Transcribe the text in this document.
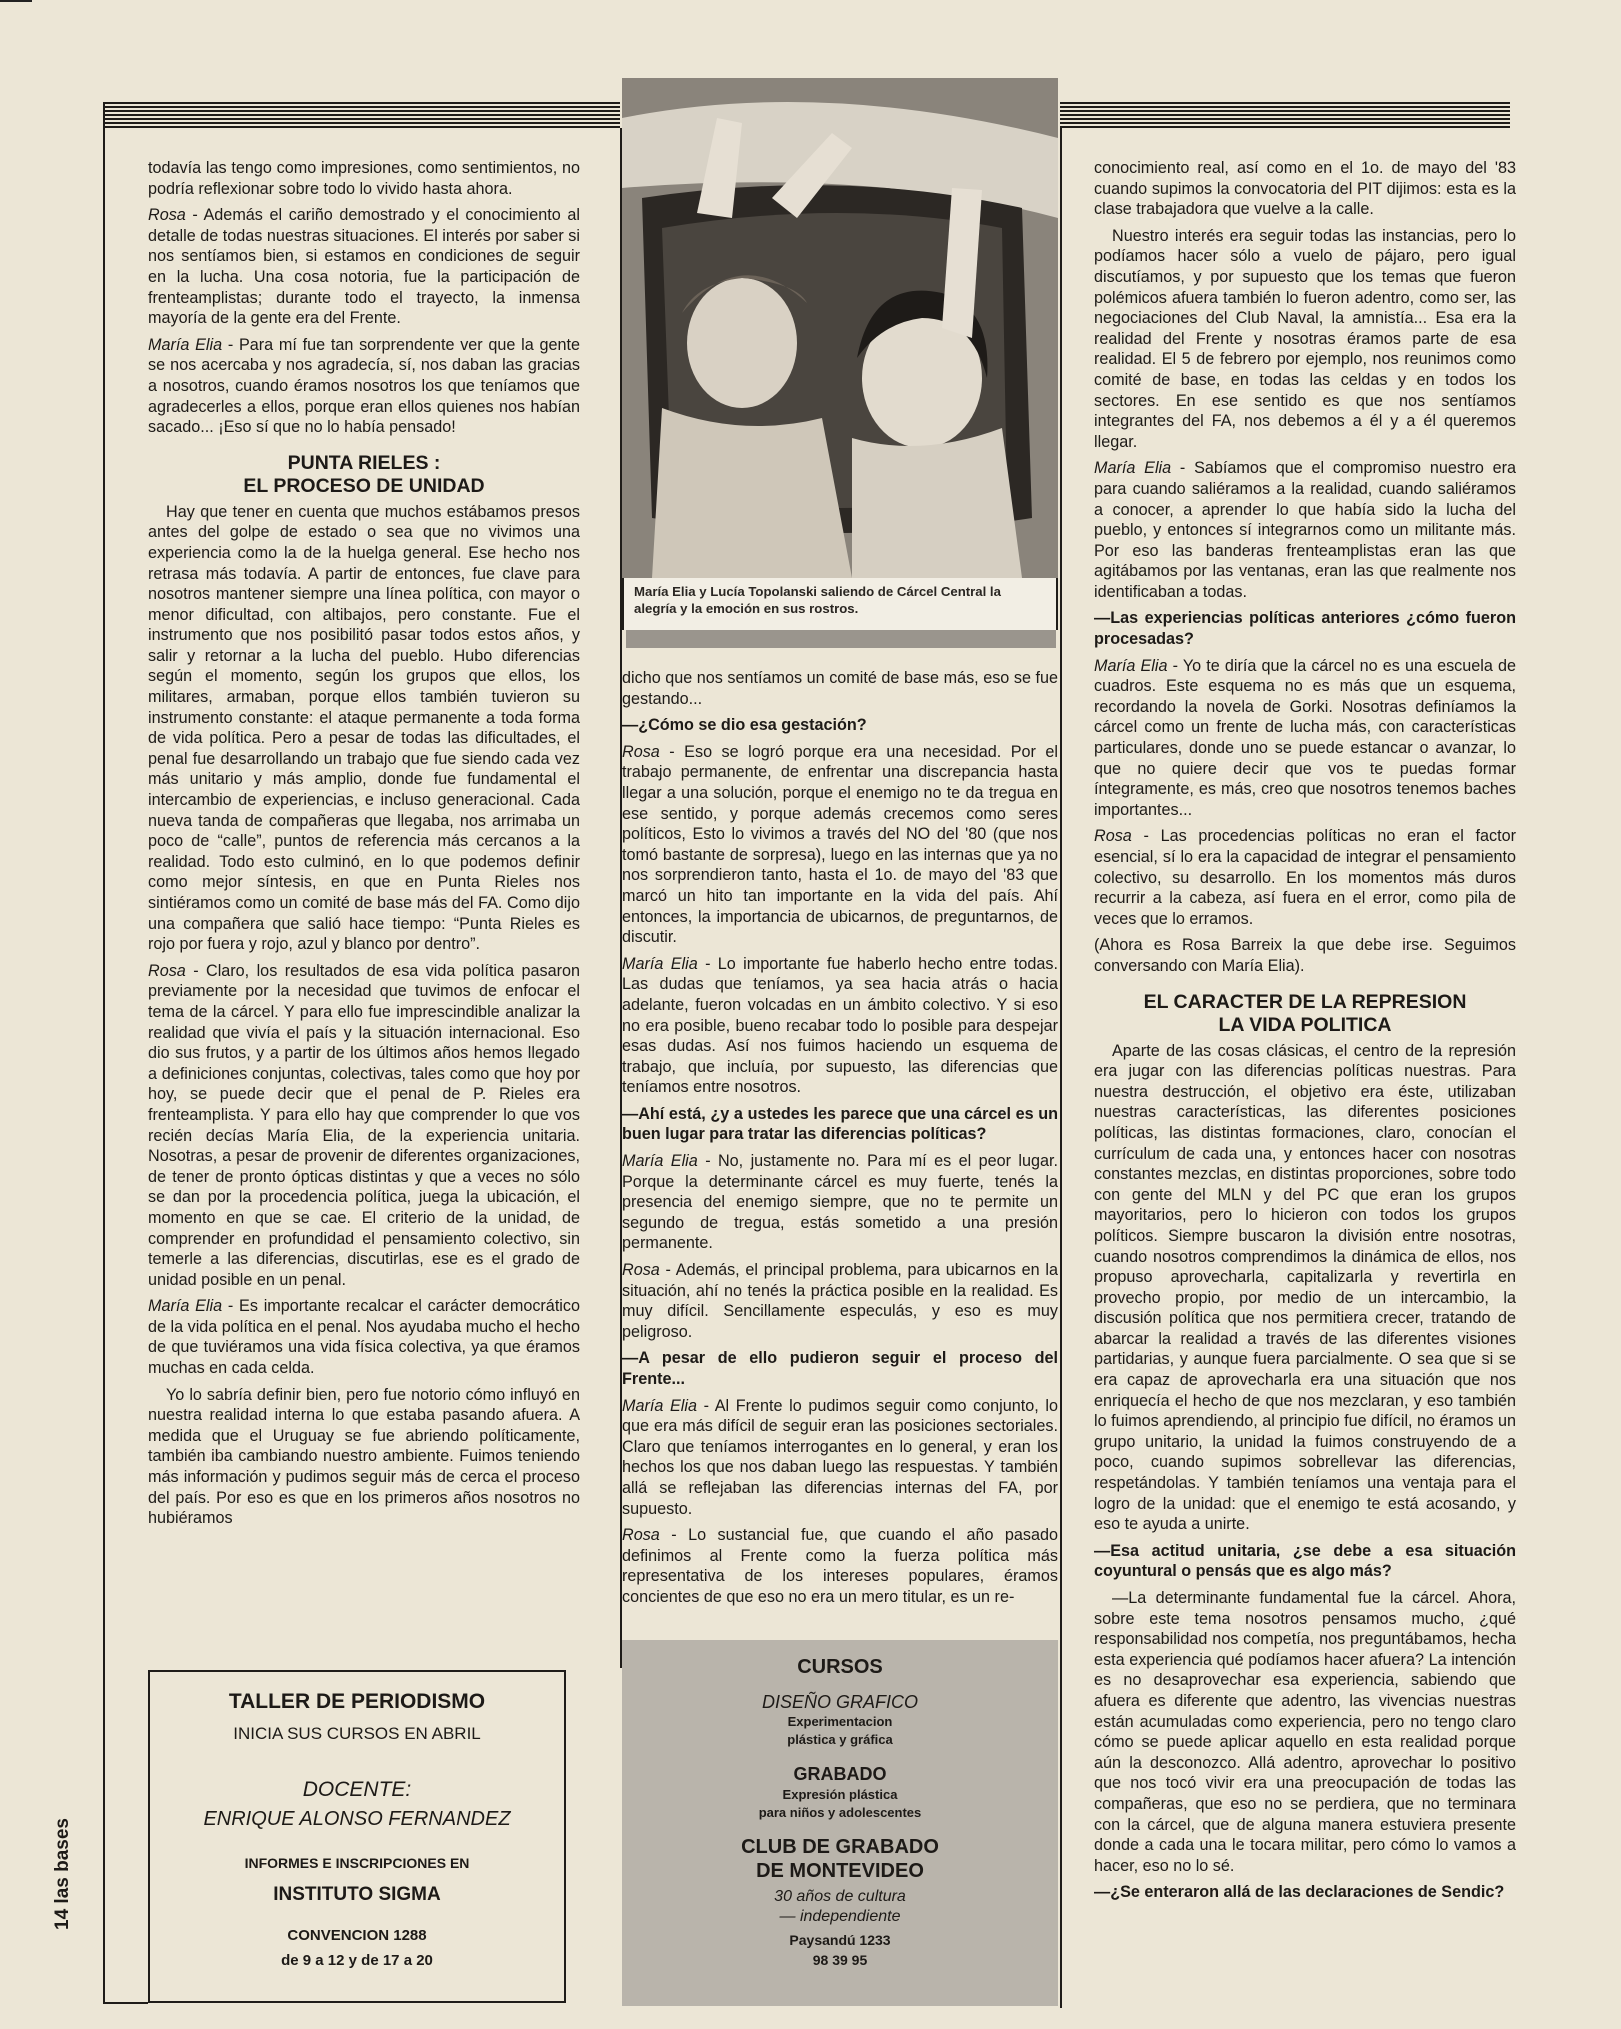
todavía las tengo como impresiones, como sentimientos, no podría reflexionar sobre todo lo vivido hasta ahora.

Rosa - Además el cariño demostrado y el conocimiento al detalle de todas nuestras situaciones. El interés por saber si nos sentíamos bien, si estamos en condiciones de seguir en la lucha. Una cosa notoria, fue la participación de frenteamplistas; durante todo el trayecto, la inmensa mayoría de la gente era del Frente.

María Elia - Para mí fue tan sorprendente ver que la gente se nos acercaba y nos agradecía, sí, nos daban las gracias a nosotros, cuando éramos nosotros los que teníamos que agradecerles a ellos, porque eran ellos quienes nos habían sacado... ¡Eso sí que no lo había pensado!

PUNTA RIELES :
EL PROCESO DE UNIDAD

Hay que tener en cuenta que muchos estábamos presos antes del golpe de estado o sea que no vivimos una experiencia como la de la huelga general. Ese hecho nos retrasa más todavía. A partir de entonces, fue clave para nosotros mantener siempre una línea política, con mayor o menor dificultad, con altibajos, pero constante. Fue el instrumento que nos posibilitó pasar todos estos años, y salir y retornar a la lucha del pueblo. Hubo diferencias según el momento, según los grupos que ellos, los militares, armaban, porque ellos también tuvieron su instrumento constante: el ataque permanente a toda forma de vida política. Pero a pesar de todas las dificultades, el penal fue desarrollando un trabajo que fue siendo cada vez más unitario y más amplio, donde fue fundamental el intercambio de experiencias, e incluso generacional. Cada nueva tanda de compañeras que llegaba, nos arrimaba un poco de “calle”, puntos de referencia más cercanos a la realidad. Todo esto culminó, en lo que podemos definir como mejor síntesis, en que en Punta Rieles nos sintiéramos como un comité de base más del FA. Como dijo una compañera que salió hace tiempo: “Punta Rieles es rojo por fuera y rojo, azul y blanco por dentro”.

Rosa - Claro, los resultados de esa vida política pasaron previamente por la necesidad que tuvimos de enfocar el tema de la cárcel. Y para ello fue imprescindible analizar la realidad que vivía el país y la situación internacional. Eso dio sus frutos, y a partir de los últimos años hemos llegado a definiciones conjuntas, colectivas, tales como que hoy por hoy, se puede decir que el penal de P. Rieles era frenteamplista. Y para ello hay que comprender lo que vos recién decías María Elia, de la experiencia unitaria. Nosotras, a pesar de provenir de diferentes organizaciones, de tener de pronto ópticas distintas y que a veces no sólo se dan por la procedencia política, juega la ubicación, el momento en que se cae. El criterio de la unidad, de comprender en profundidad el pensamiento colectivo, sin temerle a las diferencias, discutirlas, ese es el grado de unidad posible en un penal.

María Elia - Es importante recalcar el carácter democrático de la vida política en el penal. Nos ayudaba mucho el hecho de que tuviéramos una vida física colectiva, ya que éramos muchas en cada celda.

Yo lo sabría definir bien, pero fue notorio cómo influyó en nuestra realidad interna lo que estaba pasando afuera. A medida que el Uruguay se fue abriendo políticamente, también iba cambiando nuestro ambiente. Fuimos teniendo más información y pudimos seguir más de cerca el proceso del país. Por eso es que en los primeros años nosotros no hubiéramos

María Elia y Lucía Topolanski saliendo de Cárcel Central la alegría y la emoción en sus rostros.

dicho que nos sentíamos un comité de base más, eso se fue gestando...

—¿Cómo se dio esa gestación?

Rosa - Eso se logró porque era una necesidad. Por el trabajo permanente, de enfrentar una discrepancia hasta llegar a una solución, porque el enemigo no te da tregua en ese sentido, y porque además crecemos como seres políticos, Esto lo vivimos a través del NO del '80 (que nos tomó bastante de sorpresa), luego en las internas que ya no nos sorprendieron tanto, hasta el 1o. de mayo del '83 que marcó un hito tan importante en la vida del país. Ahí entonces, la importancia de ubicarnos, de preguntarnos, de discutir.

María Elia - Lo importante fue haberlo hecho entre todas. Las dudas que teníamos, ya sea hacia atrás o hacia adelante, fueron volcadas en un ámbito colectivo. Y si eso no era posible, bueno recabar todo lo posible para despejar esas dudas. Así nos fuimos haciendo un esquema de trabajo, que incluía, por supuesto, las diferencias que teníamos entre nosotros.

—Ahí está, ¿y a ustedes les parece que una cárcel es un buen lugar para tratar las diferencias políticas?

María Elia - No, justamente no. Para mí es el peor lugar. Porque la determinante cárcel es muy fuerte, tenés la presencia del enemigo siempre, que no te permite un segundo de tregua, estás sometido a una presión permanente.

Rosa - Además, el principal problema, para ubicarnos en la situación, ahí no tenés la práctica posible en la realidad. Es muy difícil. Sencillamente especulás, y eso es muy peligroso.

—A pesar de ello pudieron seguir el proceso del Frente...

María Elia - Al Frente lo pudimos seguir como conjunto, lo que era más difícil de seguir eran las posiciones sectoriales. Claro que teníamos interrogantes en lo general, y eran los hechos los que nos daban luego las respuestas. Y también allá se reflejaban las diferencias internas del FA, por supuesto.

Rosa - Lo sustancial fue, que cuando el año pasado definimos al Frente como la fuerza política más representativa de los intereses populares, éramos concientes de que eso no era un mero titular, es un re-

conocimiento real, así como en el 1o. de mayo del '83 cuando supimos la convocatoria del PIT dijimos: esta es la clase trabajadora que vuelve a la calle.

Nuestro interés era seguir todas las instancias, pero lo podíamos hacer sólo a vuelo de pájaro, pero igual discutíamos, y por supuesto que los temas que fueron polémicos afuera también lo fueron adentro, como ser, las negociaciones del Club Naval, la amnistía... Esa era la realidad del Frente y nosotras éramos parte de esa realidad. El 5 de febrero por ejemplo, nos reunimos como comité de base, en todas las celdas y en todos los sectores. En ese sentido es que nos sentíamos integrantes del FA, nos debemos a él y a él queremos llegar.

María Elia - Sabíamos que el compromiso nuestro era para cuando saliéramos a la realidad, cuando saliéramos a conocer, a aprender lo que había sido la lucha del pueblo, y entonces sí integrarnos como un militante más. Por eso las banderas frenteamplistas eran las que agitábamos por las ventanas, eran las que realmente nos identificaban a todas.

—Las experiencias políticas anteriores ¿cómo fueron procesadas?

María Elia - Yo te diría que la cárcel no es una escuela de cuadros. Este esquema no es más que un esquema, recordando la novela de Gorki. Nosotras definíamos la cárcel como un frente de lucha más, con características particulares, donde uno se puede estancar o avanzar, lo que no quiere decir que vos te puedas formar íntegramente, es más, creo que nosotros tenemos baches importantes...

Rosa - Las procedencias políticas no eran el factor esencial, sí lo era la capacidad de integrar el pensamiento colectivo, su desarrollo. En los momentos más duros recurrir a la cabeza, así fuera en el error, como pila de veces que lo erramos.

(Ahora es Rosa Barreix la que debe irse. Seguimos conversando con María Elia).

EL CARACTER DE LA REPRESION
LA VIDA POLITICA

Aparte de las cosas clásicas, el centro de la represión era jugar con las diferencias políticas nuestras. Para nuestra destrucción, el objetivo era éste, utilizaban nuestras características, las diferentes posiciones políticas, las distintas formaciones, claro, conocían el currículum de cada una, y entonces hacer con nosotras constantes mezclas, en distintas proporciones, sobre todo con gente del MLN y del PC que eran los grupos mayoritarios, pero lo hicieron con todos los grupos políticos. Siempre buscaron la división entre nosotras, cuando nosotros comprendimos la dinámica de ellos, nos propuso aprovecharla, capitalizarla y revertirla en provecho propio, por medio de un intercambio, la discusión política que nos permitiera crecer, tratando de abarcar la realidad a través de las diferentes visiones partidarias, y aunque fuera parcialmente. O sea que si se era capaz de aprovecharla era una situación que nos enriquecía el hecho de que nos mezclaran, y eso también lo fuimos aprendiendo, al principio fue difícil, no éramos un grupo unitario, la unidad la fuimos construyendo de a poco, cuando supimos sobrellevar las diferencias, respetándolas. Y también teníamos una ventaja para el logro de la unidad: que el enemigo te está acosando, y eso te ayuda a unirte.

—Esa actitud unitaria, ¿se debe a esa situación coyuntural o pensás que es algo más?

—La determinante fundamental fue la cárcel. Ahora, sobre este tema nosotros pensamos mucho, ¿qué responsabilidad nos competía, nos preguntábamos, hecha esta experiencia qué podíamos hacer afuera? La intención es no desaprovechar esa experiencia, sabiendo que afuera es diferente que adentro, las vivencias nuestras están acumuladas como experiencia, pero no tengo claro cómo se puede aplicar aquello en esta realidad porque aún la desconozco. Allá adentro, aprovechar lo positivo que nos tocó vivir era una preocupación de todas las compañeras, que eso no se perdiera, que no terminara con la cárcel, que de alguna manera estuviera presente donde a cada una le tocara militar, pero cómo lo vamos a hacer, eso no lo sé.

—¿Se enteraron allá de las declaraciones de Sendic?

TALLER DE PERIODISMO
INICIA SUS CURSOS EN ABRIL
DOCENTE:
ENRIQUE ALONSO FERNANDEZ
INFORMES E INSCRIPCIONES EN
INSTITUTO SIGMA
CONVENCION 1288
de 9 a 12 y de 17 a 20
CURSOS
DISEÑO GRAFICO
Experimentacion
plástica y gráfica
GRABADO
Expresión plástica
para niños y adolescentes
CLUB DE GRABADO
DE MONTEVIDEO
30 años de cultura
— independiente
Paysandú 1233
98 39 95
14 las bases
